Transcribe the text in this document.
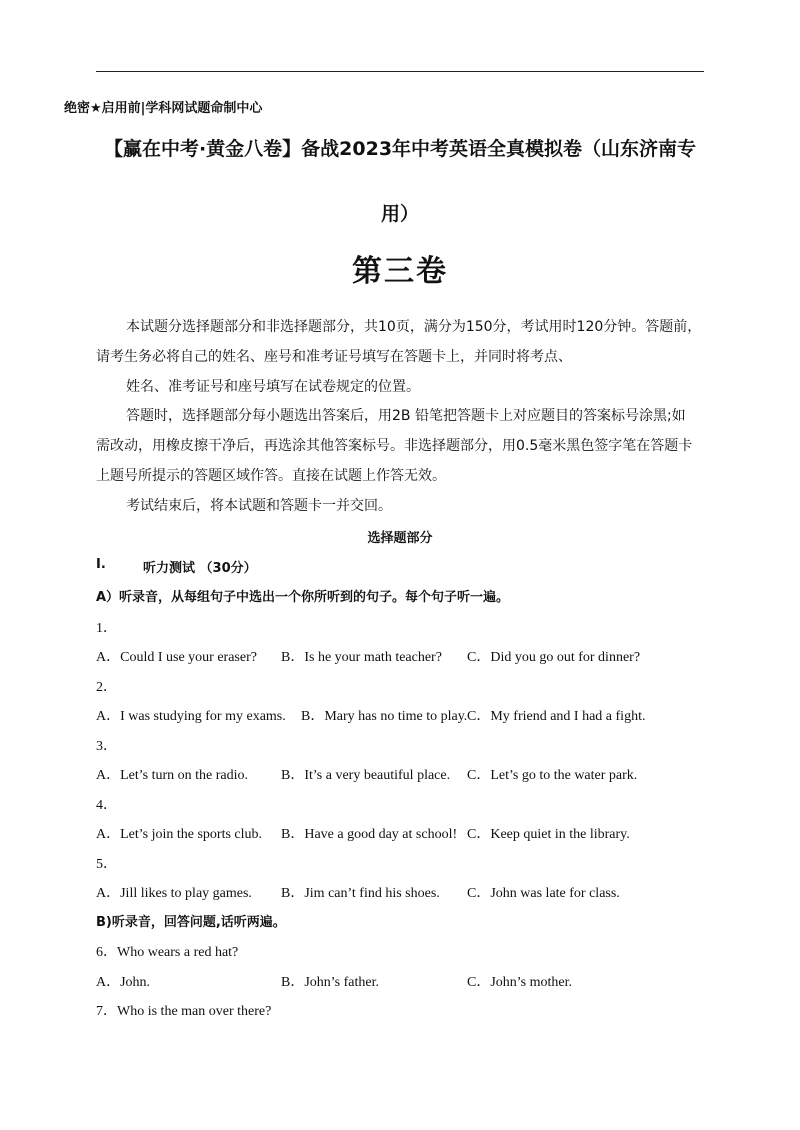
绝密★启用前|学科网试题命制中心
【赢在中考·黄金八卷】备战2023年中考英语全真模拟卷（山东济南专
用）
第三卷
本试题分选择题部分和非选择题部分，共10页，满分为150分，考试用时120分钟。答题前，
请考生务必将自己的姓名、座号和准考证号填写在答题卡上，并同时将考点、
姓名、准考证号和座号填写在试卷规定的位置。
答题时，选择题部分每小题选出答案后，用2B 铅笔把答题卡上对应题目的答案标号涂黑;如
需改动，用橡皮擦干净后，再选涂其他答案标号。非选择题部分，用0.5毫米黑色签字笔在答题卡
上题号所提示的答题区域作答。直接在试题上作答无效。
考试结束后，将本试题和答题卡一并交回。
选择题部分
I.	听力测试 （30分）
A）听录音，从每组句子中选出一个你所听到的句子。每个句子听一遍。
1．
A．Could I use your eraser? B．Is he your math teacher? C．Did you go out for dinner?
2．
A．I was studying for my exams. B．Mary has no time to play. C．My friend and I had a fight.
3．
A．Let’s turn on the radio. B．It’s a very beautiful place. C．Let’s go to the water park.
4．
A．Let’s join the sports club. B．Have a good day at school! C．Keep quiet in the library.
5．
A．Jill likes to play games. B．Jim can’t find his shoes. C．John was late for class.
B)听录音，回答问题,话听两遍。
6．Who wears a red hat?
A．John.	B．John’s father.	C．John’s mother.
7．Who is the man over there?
